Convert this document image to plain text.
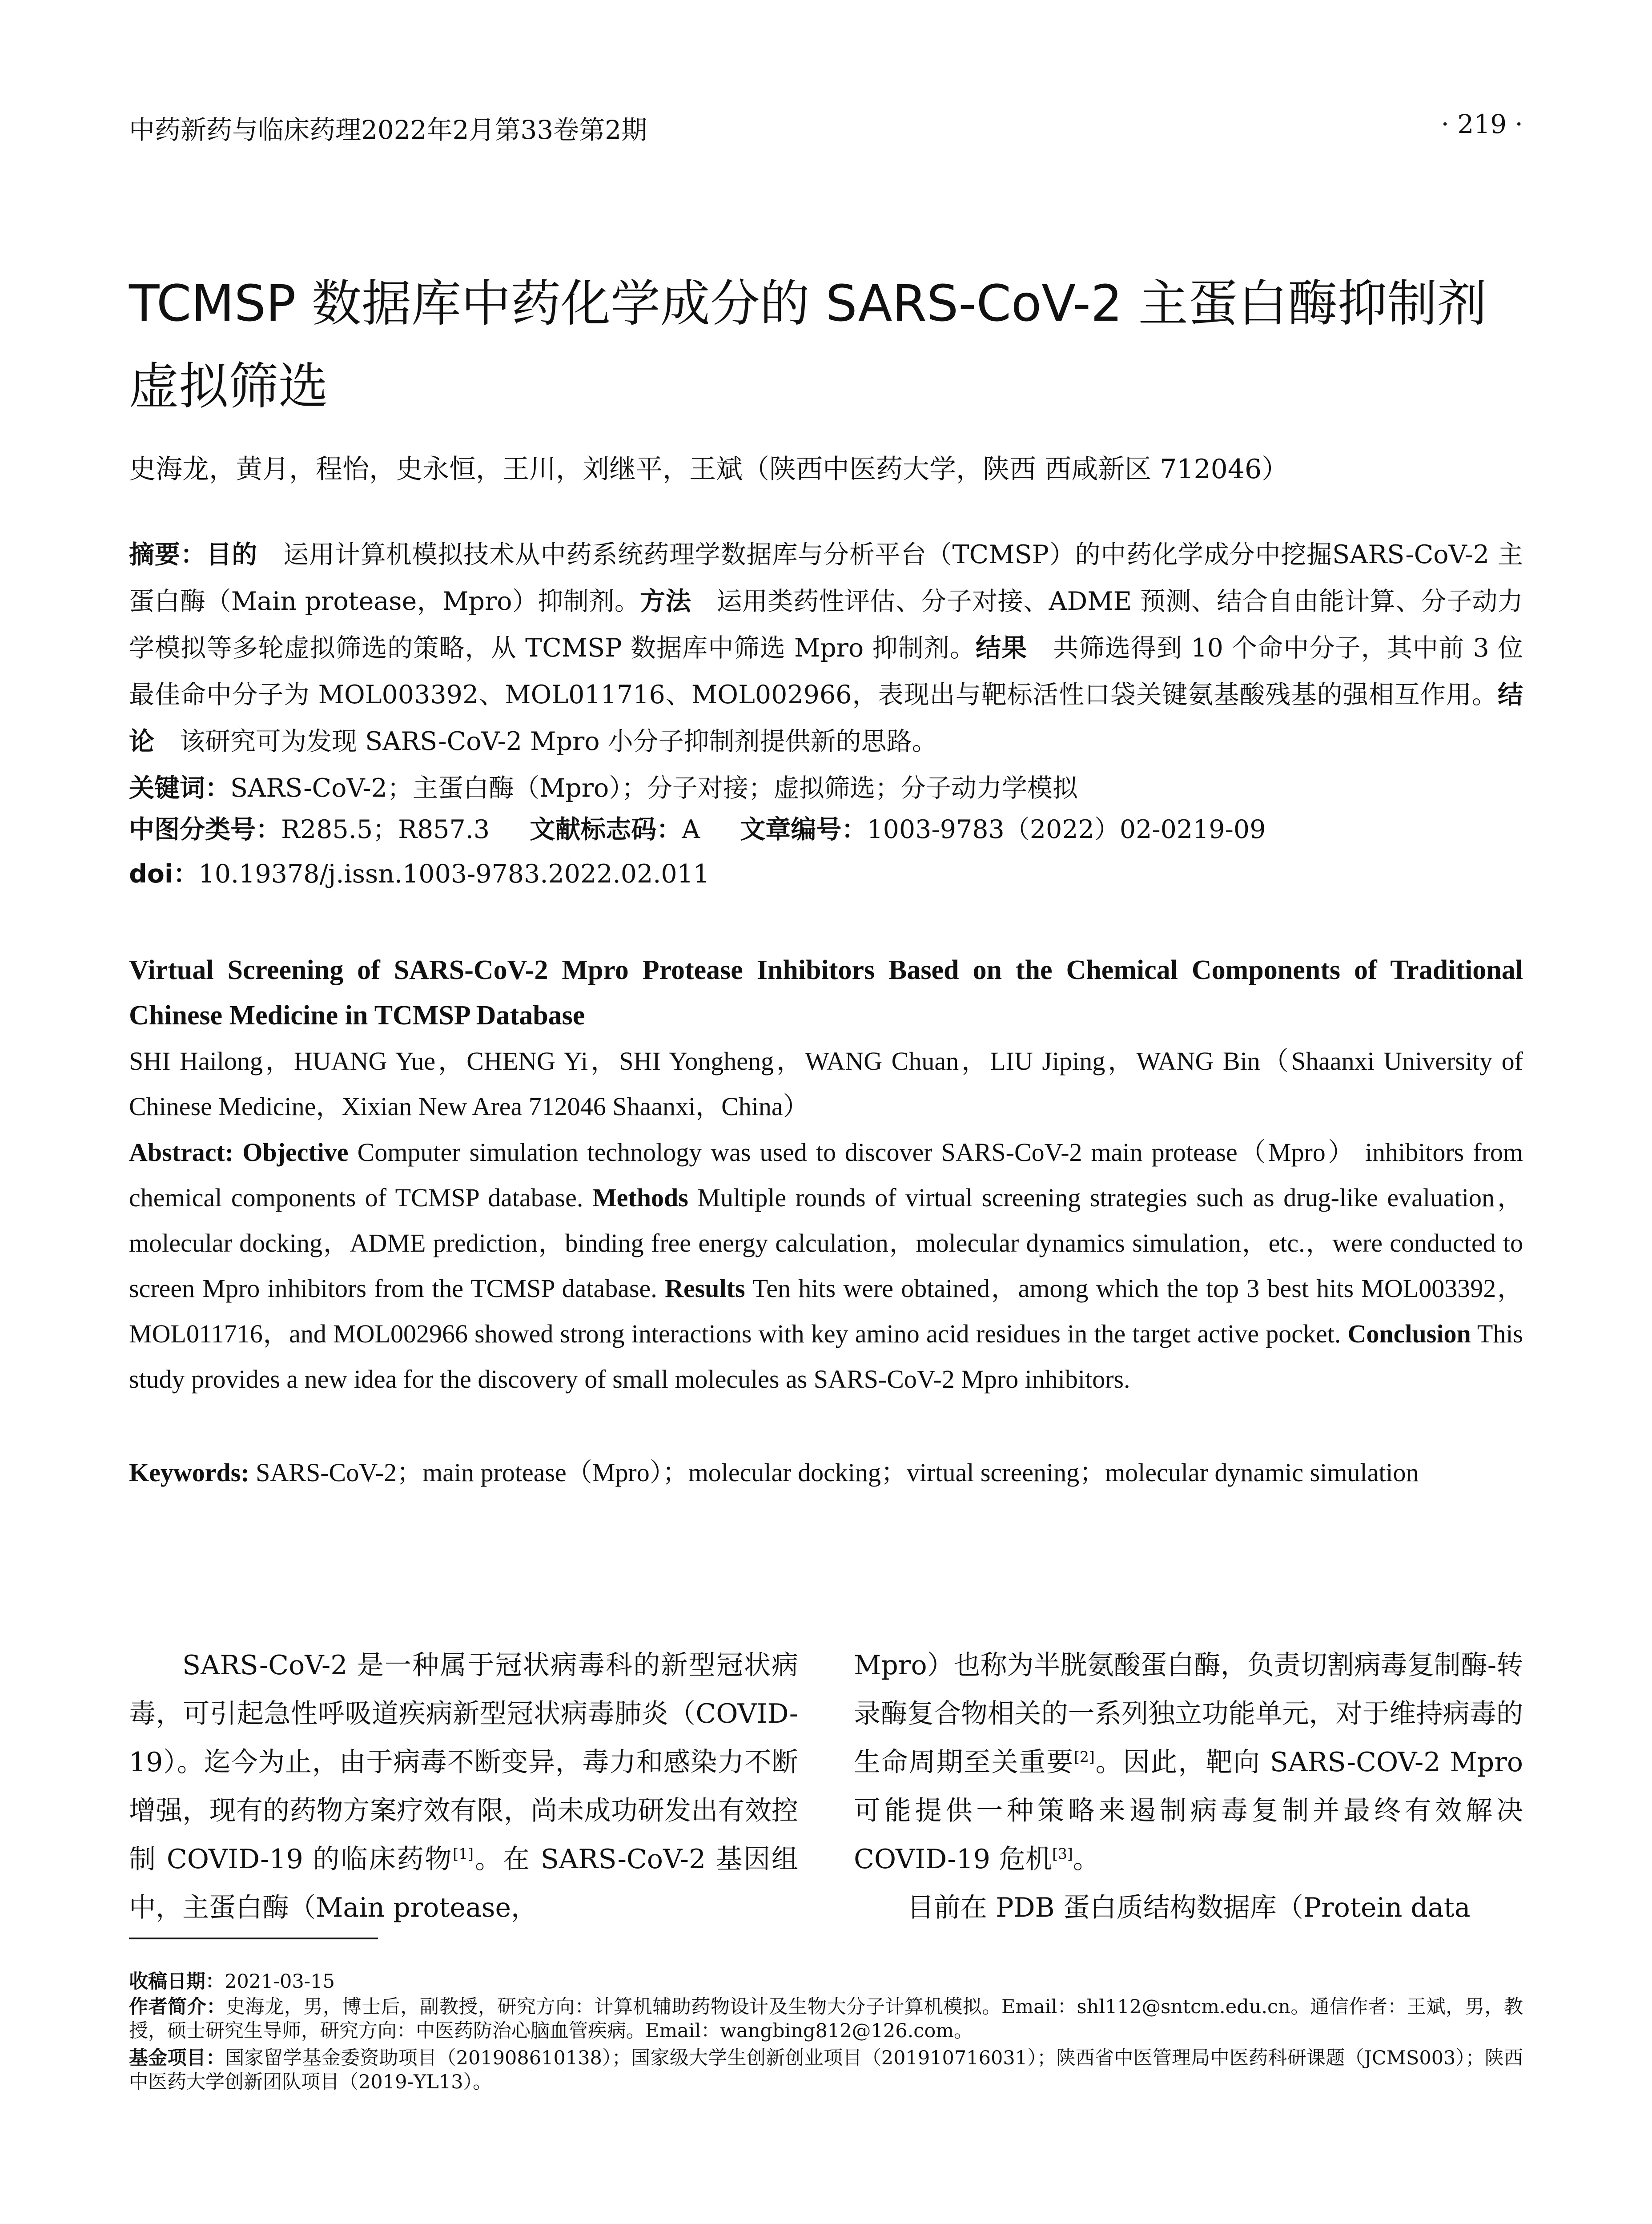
中药新药与临床药理2022年2月第33卷第2期	· 219 ·
TCMSP 数据库中药化学成分的 SARS-CoV-2 主蛋白酶抑制剂虚拟筛选
史海龙，黄月，程怡，史永恒，王川，刘继平，王斌（陕西中医药大学，陕西 西咸新区 712046）
摘要：目的　 运用计算机模拟技术从中药系统药理学数据库与分析平台（TCMSP）的中药化学成分中挖掘SARS-CoV-2 主蛋白酶（Main protease，Mpro）抑制剂。方法　 运用类药性评估、分子对接、ADME 预测、结合自由能计算、分子动力学模拟等多轮虚拟筛选的策略，从 TCMSP 数据库中筛选 Mpro 抑制剂。结果　 共筛选得到 10 个命中分子，其中前 3 位最佳命中分子为 MOL003392、MOL011716、MOL002966，表现出与靶标活性口袋关键氨基酸残基的强相互作用。结论　 该研究可为发现 SARS-CoV-2 Mpro 小分子抑制剂提供新的思路。
关键词：SARS-CoV-2；主蛋白酶（Mpro）；分子对接；虚拟筛选；分子动力学模拟
中图分类号：R285.5；R857.3 文献标志码：A 文章编号：1003-9783（2022）02-0219-09
doi：10.19378/j.issn.1003-9783.2022.02.011
Virtual Screening of SARS-CoV-2 Mpro Protease Inhibitors Based on the Chemical Components of Traditional Chinese Medicine in TCMSP Database
SHI Hailong，HUANG Yue，CHENG Yi，SHI Yongheng，WANG Chuan，LIU Jiping，WANG Bin（Shaanxi University of Chinese Medicine，Xixian New Area 712046 Shaanxi，China）
Abstract: Objective Computer simulation technology was used to discover SARS-CoV-2 main protease（Mpro） inhibitors from chemical components of TCMSP database. Methods Multiple rounds of virtual screening strategies such as drug-like evaluation，molecular docking，ADME prediction，binding free energy calculation，molecular dynamics simulation，etc.，were conducted to screen Mpro inhibitors from the TCMSP database. Results Ten hits were obtained，among which the top 3 best hits MOL003392，MOL011716，and MOL002966 showed strong interactions with key amino acid residues in the target active pocket. Conclusion This study provides a new idea for the discovery of small molecules as SARS-CoV-2 Mpro inhibitors.
Keywords: SARS-CoV-2；main protease（Mpro）；molecular docking；virtual screening；molecular dynamic simulation
SARS-CoV-2 是一种属于冠状病毒科的新型冠状病毒，可引起急性呼吸道疾病新型冠状病毒肺炎（COVID-19）。迄今为止，由于病毒不断变异，毒力和感染力不断增强，现有的药物方案疗效有限，尚未成功研发出有效控制 COVID-19 的临床药物[1]。在 SARS-CoV-2 基因组中，主蛋白酶（Main protease，
Mpro）也称为半胱氨酸蛋白酶，负责切割病毒复制酶-转录酶复合物相关的一系列独立功能单元，对于维持病毒的生命周期至关重要[2]。因此，靶向 SARS-COV-2 Mpro 可能提供一种策略来遏制病毒复制并最终有效解决 COVID-19 危机[3]。
目前在 PDB 蛋白质结构数据库（Protein data
收稿日期：2021-03-15
作者简介：史海龙，男，博士后，副教授，研究方向：计算机辅助药物设计及生物大分子计算机模拟。Email：shl112@sntcm.edu.cn。通信作者：王斌，男，教授，硕士研究生导师，研究方向：中医药防治心脑血管疾病。Email：wangbing812@126.com。
基金项目：国家留学基金委资助项目（201908610138）；国家级大学生创新创业项目（201910716031）；陕西省中医管理局中医药科研课题（JCMS003）；陕西中医药大学创新团队项目（2019-YL13）。
